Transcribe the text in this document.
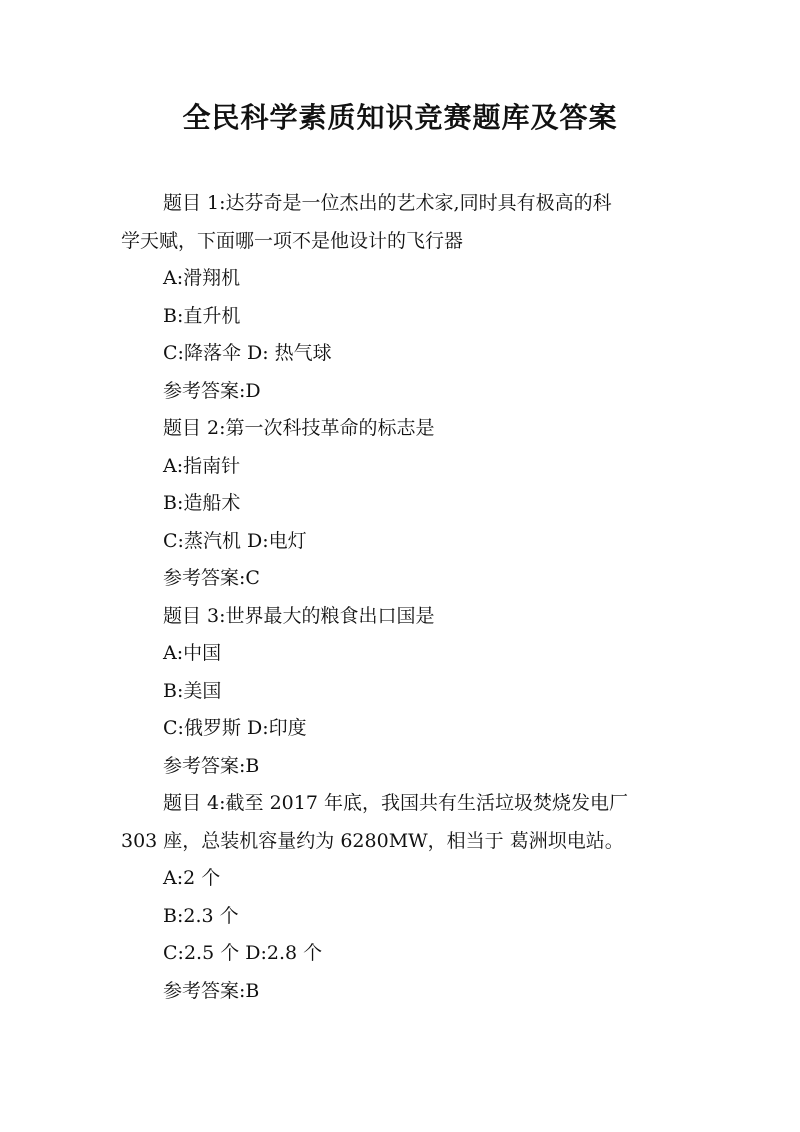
全民科学素质知识竞赛题库及答案
题目 1:达芬奇是一位杰出的艺术家,同时具有极高的科
学天赋，下面哪一项不是他设计的飞行器
A:滑翔机
B:直升机
C:降落伞 D: 热气球
参考答案:D
题目 2:第一次科技革命的标志是
A:指南针
B:造船术
C:蒸汽机 D:电灯
参考答案:C
题目 3:世界最大的粮食出口国是
A:中国
B:美国
C:俄罗斯 D:印度
参考答案:B
题目 4:截至 2017 年底，我国共有生活垃圾焚烧发电厂
303 座，总装机容量约为 6280MW，相当于 葛洲坝电站。
A:2 个
B:2.3 个
C:2.5 个 D:2.8 个
参考答案:B
